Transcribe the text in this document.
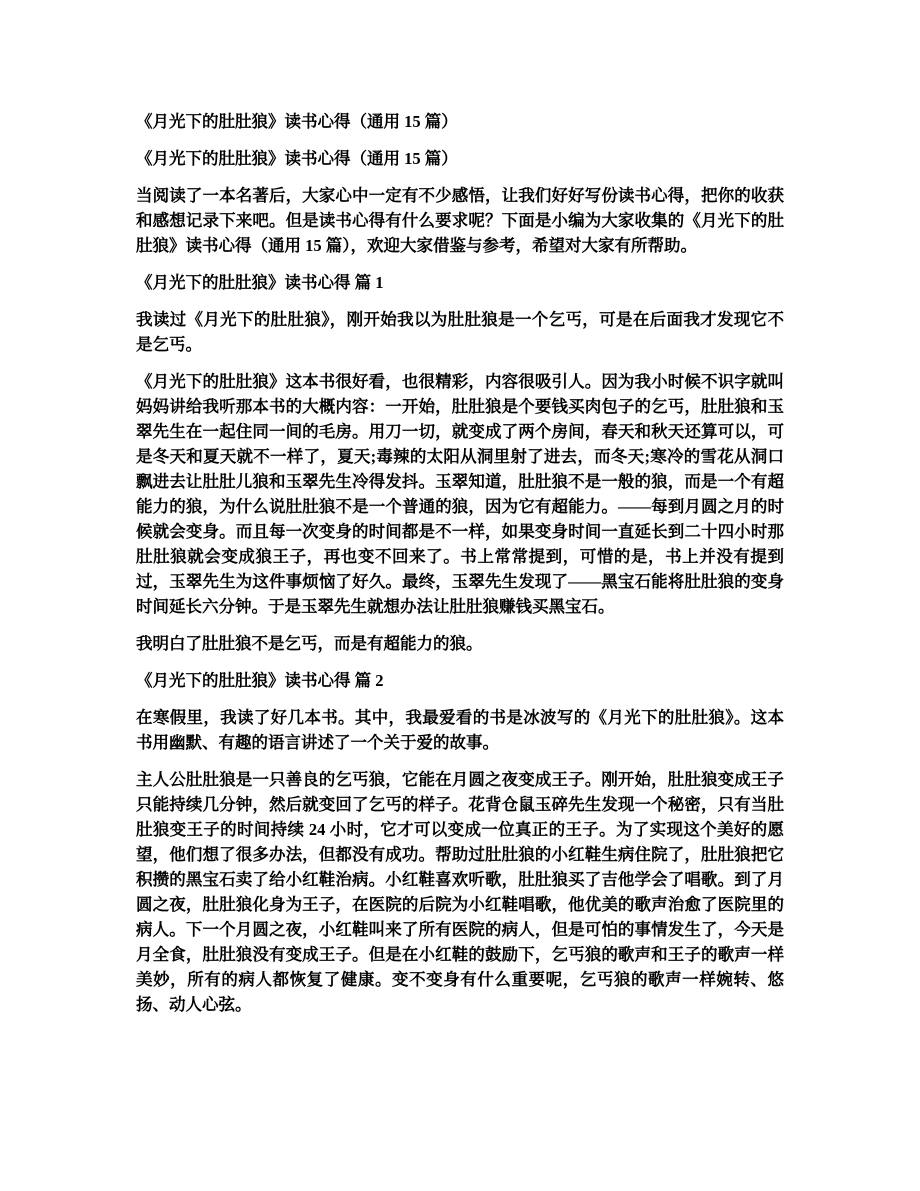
《月光下的肚肚狼》读书心得（通用 15 篇）

《月光下的肚肚狼》读书心得（通用 15 篇）

当阅读了一本名著后，大家心中一定有不少感悟，让我们好好写份读书心得，把你的收获和感想记录下来吧。但是读书心得有什么要求呢？下面是小编为大家收集的《月光下的肚肚狼》读书心得（通用 15 篇），欢迎大家借鉴与参考，希望对大家有所帮助。

《月光下的肚肚狼》读书心得 篇 1

我读过《月光下的肚肚狼》，刚开始我以为肚肚狼是一个乞丐，可是在后面我才发现它不是乞丐。

《月光下的肚肚狼》这本书很好看，也很精彩，内容很吸引人。因为我小时候不识字就叫妈妈讲给我听那本书的大概内容：一开始，肚肚狼是个要钱买肉包子的乞丐，肚肚狼和玉翠先生在一起住同一间的毛房。用刀一切，就变成了两个房间，春天和秋天还算可以，可是冬天和夏天就不一样了，夏天;毒辣的太阳从洞里射了进去，而冬天;寒冷的雪花从洞口飘进去让肚肚儿狼和玉翠先生冷得发抖。玉翠知道，肚肚狼不是一般的狼，而是一个有超能力的狼，为什么说肚肚狼不是一个普通的狼，因为它有超能力。——每到月圆之月的时候就会变身。而且每一次变身的时间都是不一样，如果变身时间一直延长到二十四小时那肚肚狼就会变成狼王子，再也变不回来了。书上常常提到，可惜的是，书上并没有提到过，玉翠先生为这件事烦恼了好久。最终，玉翠先生发现了——黑宝石能将肚肚狼的变身时间延长六分钟。于是玉翠先生就想办法让肚肚狼赚钱买黑宝石。

我明白了肚肚狼不是乞丐，而是有超能力的狼。

《月光下的肚肚狼》读书心得 篇 2

在寒假里，我读了好几本书。其中，我最爱看的书是冰波写的《月光下的肚肚狼》。这本书用幽默、有趣的语言讲述了一个关于爱的故事。

主人公肚肚狼是一只善良的乞丐狼，它能在月圆之夜变成王子。刚开始，肚肚狼变成王子只能持续几分钟，然后就变回了乞丐的样子。花背仓鼠玉碎先生发现一个秘密，只有当肚肚狼变王子的时间持续 24 小时，它才可以变成一位真正的王子。为了实现这个美好的愿望，他们想了很多办法，但都没有成功。帮助过肚肚狼的小红鞋生病住院了，肚肚狼把它积攒的黑宝石卖了给小红鞋治病。小红鞋喜欢听歌，肚肚狼买了吉他学会了唱歌。到了月圆之夜，肚肚狼化身为王子，在医院的后院为小红鞋唱歌，他优美的歌声治愈了医院里的病人。下一个月圆之夜，小红鞋叫来了所有医院的病人，但是可怕的事情发生了，今天是月全食，肚肚狼没有变成王子。但是在小红鞋的鼓励下，乞丐狼的歌声和王子的歌声一样美妙，所有的病人都恢复了健康。变不变身有什么重要呢，乞丐狼的歌声一样婉转、悠扬、动人心弦。
